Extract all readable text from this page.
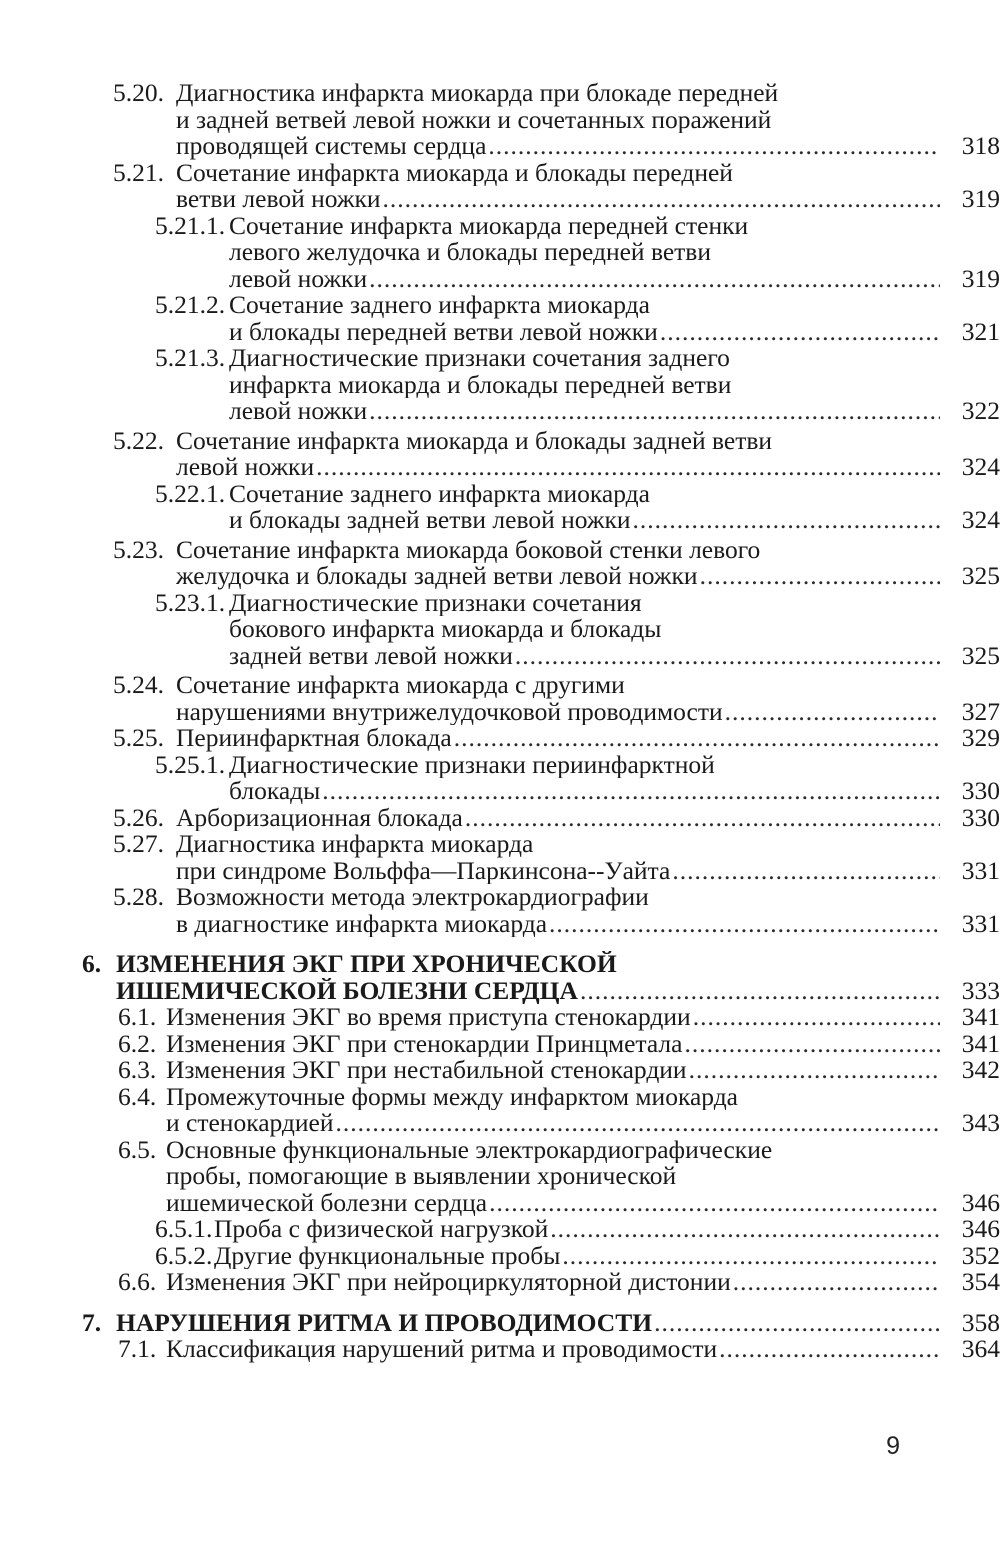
5.20. Диагностика инфаркта миокарда при блокаде передней
и задней ветвей левой ножки и сочетанных поражений
проводящей системы сердца .....	318
5.21. Сочетание инфаркта миокарда и блокады передней
ветви левой ножки .....	319
5.21.1. Сочетание инфаркта миокарда передней стенки
левого желудочка и блокады передней ветви
левой ножки .....	319
5.21.2. Сочетание заднего инфаркта миокарда
и блокады передней ветви левой ножки .....	321
5.21.3. Диагностические признаки сочетания заднего
инфаркта миокарда и блокады передней ветви
левой ножки .....	322
5.22. Сочетание инфаркта миокарда и блокады задней ветви
левой ножки .....	324
5.22.1. Сочетание заднего инфаркта миокарда
и блокады задней ветви левой ножки .....	324
5.23. Сочетание инфаркта миокарда боковой стенки левого
желудочка и блокады задней ветви левой ножки .....	325
5.23.1. Диагностические признаки сочетания
бокового инфаркта миокарда и блокады
задней ветви левой ножки .....	325
5.24. Сочетание инфаркта миокарда с другими
нарушениями внутрижелудочковой проводимости .....	327
5.25. Периинфарктная блокада .....	329
5.25.1. Диагностические признаки периинфарктной
блокады .....	330
5.26. Арборизационная блокада .....	330
5.27. Диагностика инфаркта миокарда
при синдроме Вольффа—Паркинсона--Уайта .....	331
5.28. Возможности метода электрокардиографии
в диагностике инфаркта миокарда .....	331
6. ИЗМЕНЕНИЯ ЭКГ ПРИ ХРОНИЧЕСКОЙ
ИШЕМИЧЕСКОЙ БОЛЕЗНИ СЕРДЦА .....	333
6.1. Изменения ЭКГ во время приступа стенокардии .....	341
6.2. Изменения ЭКГ при стенокардии Принцметала .....	341
6.3. Изменения ЭКГ при нестабильной стенокардии .....	342
6.4. Промежуточные формы между инфарктом миокарда
и стенокардией .....	343
6.5. Основные функциональные электрокардиографические
пробы, помогающие в выявлении хронической
ишемической болезни сердца .....	346
6.5.1. Проба с физической нагрузкой .....	346
6.5.2. Другие функциональные пробы .....	352
6.6. Изменения ЭКГ при нейроциркуляторной дистонии .....	354
7. НАРУШЕНИЯ РИТМА И ПРОВОДИМОСТИ .....	358
7.1. Классификация нарушений ритма и проводимости .....	364
9
